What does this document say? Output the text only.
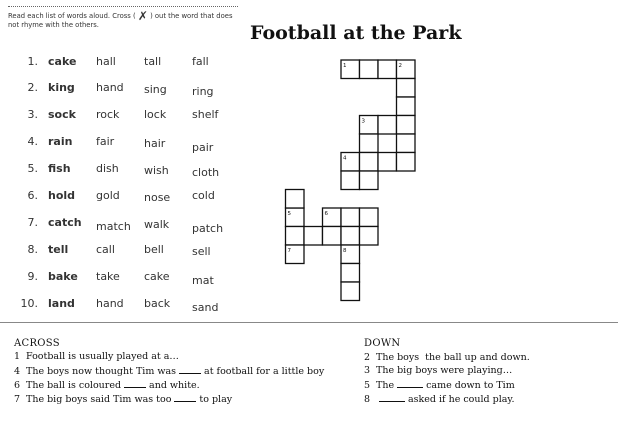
Read each list of words aloud. Cross ( ✗ ) out the word that does not rhyme with the others.	Football at the Park
1. cake hall	tall	fall
2. king hand sing ring
3. sock rock lock shelf
4. rain fair	hair pair
5. fish dish wish cloth
6. hold gold nose cold
7. catch match walk patch
8. tell	call	bell	sell
9. bake take cake mat
10. land hand back sand
1	2
3
4
5	6
7	8
ACROSS
1 Football is usually played at a…
4 The boys now thought Tim was	at football for a little boy
6 The ball is coloured	and white.
7 The big boys said Tim was too	to play
DOWN
2 The boys the ball up and down.
3 The big boys were playing…
5 The	came down to Tim
8	asked if he could play.
